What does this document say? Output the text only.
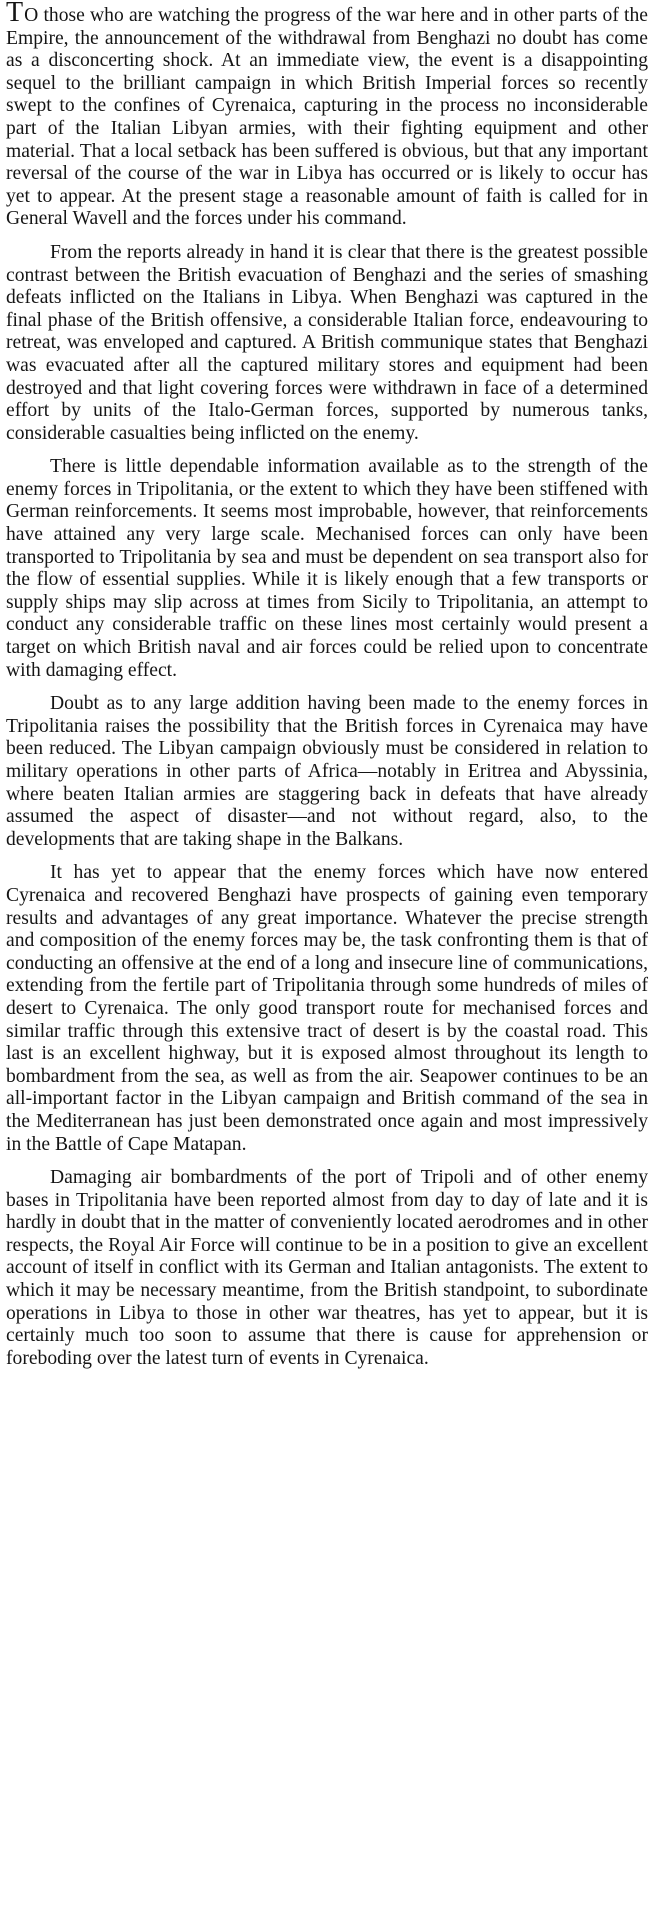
TO those who are watching the progress of the war here and in other parts of the Empire, the announcement of the withdrawal from Benghazi no doubt has come as a disconcerting shock. At an immediate view, the event is a disappointing sequel to the brilliant campaign in which British Imperial forces so recently swept to the confines of Cyrenaica, capturing in the process no inconsiderable part of the Italian Libyan armies, with their fighting equipment and other material. That a local setback has been suffered is obvious, but that any important reversal of the course of the war in Libya has occurred or is likely to occur has yet to appear. At the present stage a reasonable amount of faith is called for in General Wavell and the forces under his command.

From the reports already in hand it is clear that there is the greatest possible contrast between the British evacuation of Benghazi and the series of smashing defeats inflicted on the Italians in Libya. When Benghazi was captured in the final phase of the British offensive, a considerable Italian force, endeavouring to retreat, was enveloped and captured. A British communique states that Benghazi was evacuated after all the captured military stores and equipment had been destroyed and that light covering forces were withdrawn in face of a determined effort by units of the Italo-German forces, supported by numerous tanks, considerable casualties being inflicted on the enemy.

There is little dependable information available as to the strength of the enemy forces in Tripolitania, or the extent to which they have been stiffened with German reinforcements. It seems most improbable, however, that reinforcements have attained any very large scale. Mechanised forces can only have been transported to Tripolitania by sea and must be dependent on sea transport also for the flow of essential supplies. While it is likely enough that a few transports or supply ships may slip across at times from Sicily to Tripolitania, an attempt to conduct any considerable traffic on these lines most certainly would present a target on which British naval and air forces could be relied upon to concentrate with damaging effect.

Doubt as to any large addition having been made to the enemy forces in Tripolitania raises the possibility that the British forces in Cyrenaica may have been reduced. The Libyan campaign obviously must be considered in relation to military operations in other parts of Africa—notably in Eritrea and Abyssinia, where beaten Italian armies are staggering back in defeats that have already assumed the aspect of disaster—and not without regard, also, to the developments that are taking shape in the Balkans.

It has yet to appear that the enemy forces which have now entered Cyrenaica and recovered Benghazi have prospects of gaining even temporary results and advantages of any great importance. Whatever the precise strength and composition of the enemy forces may be, the task confronting them is that of conducting an offensive at the end of a long and insecure line of communications, extending from the fertile part of Tripolitania through some hundreds of miles of desert to Cyrenaica. The only good transport route for mechanised forces and similar traffic through this extensive tract of desert is by the coastal road. This last is an excellent highway, but it is exposed almost throughout its length to bombardment from the sea, as well as from the air. Seapower continues to be an all-important factor in the Libyan campaign and British command of the sea in the Mediterranean has just been demonstrated once again and most impressively in the Battle of Cape Matapan.

Damaging air bombardments of the port of Tripoli and of other enemy bases in Tripolitania have been reported almost from day to day of late and it is hardly in doubt that in the matter of conveniently located aerodromes and in other respects, the Royal Air Force will continue to be in a position to give an excellent account of itself in conflict with its German and Italian antagonists. The extent to which it may be necessary meantime, from the British standpoint, to subordinate operations in Libya to those in other war theatres, has yet to appear, but it is certainly much too soon to assume that there is cause for apprehension or foreboding over the latest turn of events in Cyrenaica.
